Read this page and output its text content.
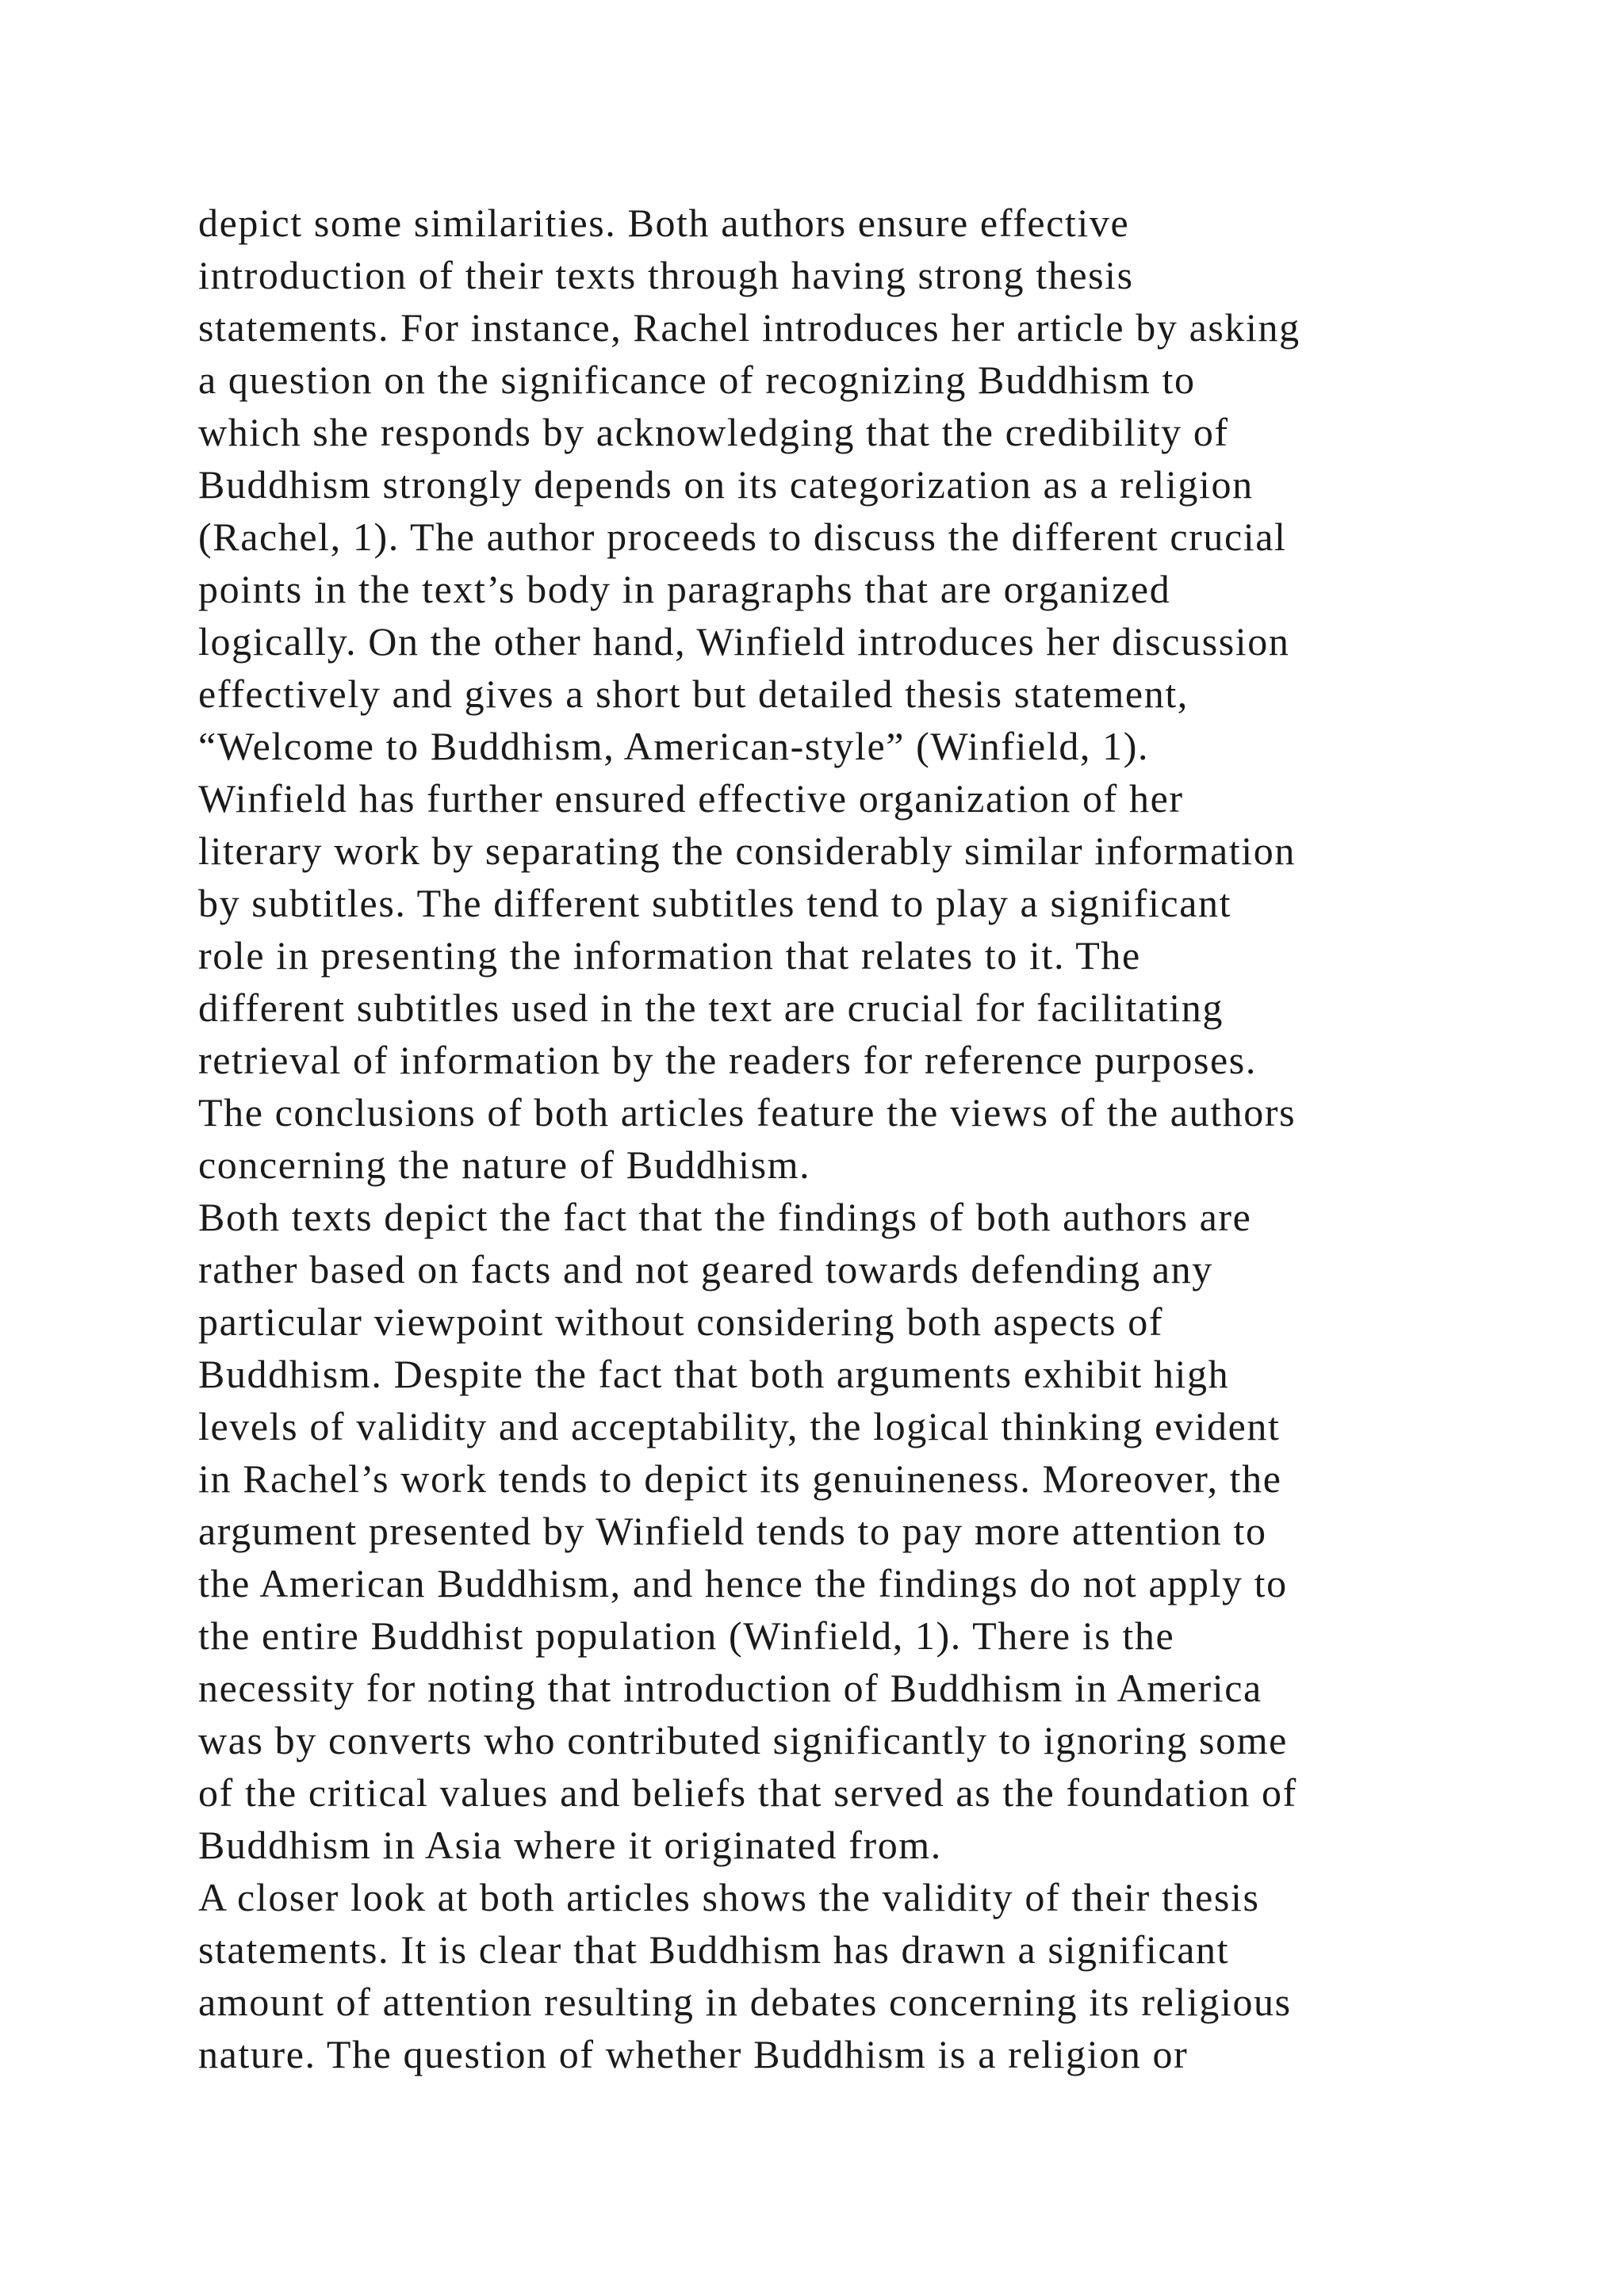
depict some similarities. Both authors ensure effective
introduction of their texts through having strong thesis
statements. For instance, Rachel introduces her article by asking
a question on the significance of recognizing Buddhism to
which she responds by acknowledging that the credibility of
Buddhism strongly depends on its categorization as a religion
(Rachel, 1). The author proceeds to discuss the different crucial
points in the text’s body in paragraphs that are organized
logically. On the other hand, Winfield introduces her discussion
effectively and gives a short but detailed thesis statement,
“Welcome to Buddhism, American-style” (Winfield, 1).
Winfield has further ensured effective organization of her
literary work by separating the considerably similar information
by subtitles. The different subtitles tend to play a significant
role in presenting the information that relates to it. The
different subtitles used in the text are crucial for facilitating
retrieval of information by the readers for reference purposes.
The conclusions of both articles feature the views of the authors
concerning the nature of Buddhism.
Both texts depict the fact that the findings of both authors are
rather based on facts and not geared towards defending any
particular viewpoint without considering both aspects of
Buddhism. Despite the fact that both arguments exhibit high
levels of validity and acceptability, the logical thinking evident
in Rachel’s work tends to depict its genuineness. Moreover, the
argument presented by Winfield tends to pay more attention to
the American Buddhism, and hence the findings do not apply to
the entire Buddhist population (Winfield, 1). There is the
necessity for noting that introduction of Buddhism in America
was by converts who contributed significantly to ignoring some
of the critical values and beliefs that served as the foundation of
Buddhism in Asia where it originated from.
A closer look at both articles shows the validity of their thesis
statements. It is clear that Buddhism has drawn a significant
amount of attention resulting in debates concerning its religious
nature. The question of whether Buddhism is a religion or
